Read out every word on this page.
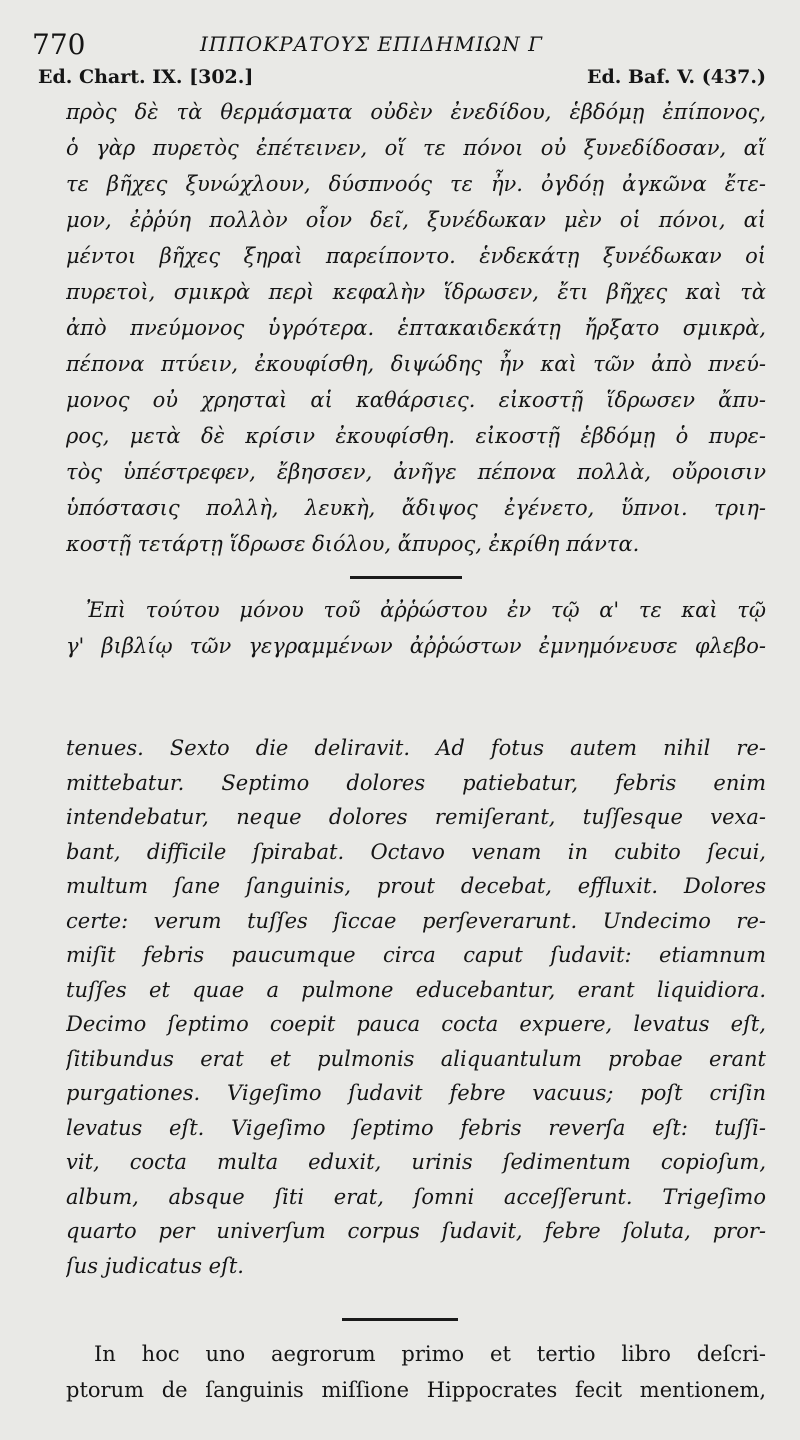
770	ΙΠΠΟΚΡΑΤΟΥΣ ΕΠΙΔΗΜΙΩΝ Γ
Ed. Chart. IX. [302.]	Ed. Baf. V. (437.)
πρὸς δὲ τὰ θερμάσματα οὐδὲν ἐνεδίδου, ἑβδόμῃ ἐπίπονος,
ὁ γὰρ πυρετὸς ἐπέτεινεν, οἵ τε πόνοι οὐ ξυνεδίδοσαν, αἵ
τε βῆχες ξυνώχλουν, δύσπνοός τε ἦν. ὀγδόῃ ἀγκῶνα ἔτε-
μον, ἐῤῥύη πολλὸν οἷον δεῖ, ξυνέδωκαν μὲν οἱ πόνοι, αἱ
μέντοι βῆχες ξηραὶ παρείποντο. ἑνδεκάτῃ ξυνέδωκαν οἱ
πυρετοὶ, σμικρὰ περὶ κεφαλὴν ἵδρωσεν, ἔτι βῆχες καὶ τὰ
ἀπὸ πνεύμονος ὑγρότερα. ἑπτακαιδεκάτῃ ἤρξατο σμικρὰ,
πέπονα πτύειν, ἐκουφίσθη, διψώδης ἦν καὶ τῶν ἀπὸ πνεύ-
μονος οὐ χρησταὶ αἱ καθάρσιες. εἰκοστῇ ἵδρωσεν ἄπυ-
ρος, μετὰ δὲ κρίσιν ἐκουφίσθη. εἰκοστῇ ἑβδόμῃ ὁ πυρε-
τὸς ὑπέστρεφεν, ἔβησσεν, ἀνῆγε πέπονα πολλὰ, οὔροισιν
ὑπόστασις πολλὴ, λευκὴ, ἄδιψος ἐγένετο, ὕπνοι. τριη-
κοστῇ τετάρτῃ ἵδρωσε διόλου, ἄπυρος, ἐκρίθη πάντα.
Ἐπὶ τούτου μόνου τοῦ ἀῤῥώστου ἐν τῷ α' τε καὶ τῷ
γ' βιβλίῳ τῶν γεγραμμένων ἀῤῥώστων ἐμνημόνευσε φλεβο-
tenues. Sexto die deliravit. Ad fotus autem nihil re-
mittebatur. Septimo dolores patiebatur, febris enim
intendebatur, neque dolores remiſerant, tuſſesque vexa-
bant, difficile ſpirabat. Octavo venam in cubito ſecui,
multum ſane ſanguinis, prout decebat, effluxit. Dolores
certe: verum tuſſes ſiccae perſeverarunt. Undecimo re-
miſit febris paucumque circa caput ſudavit: etiamnum
tuſſes et quae a pulmone educebantur, erant liquidiora.
Decimo ſeptimo coepit pauca cocta expuere, levatus eſt,
ſitibundus erat et pulmonis aliquantulum probae erant
purgationes. Vigeſimo ſudavit febre vacuus; poſt criſin
levatus eſt. Vigeſimo ſeptimo febris reverſa eſt: tuſſi-
vit, cocta multa eduxit, urinis ſedimentum copioſum,
album, absque ſiti erat, ſomni acceſſerunt. Trigeſimo
quarto per univerſum corpus ſudavit, febre ſoluta, pror-
ſus judicatus eſt.
In hoc uno aegrorum primo et tertio libro deſcri-
ptorum de ſanguinis miſſione Hippocrates fecit mentionem,
